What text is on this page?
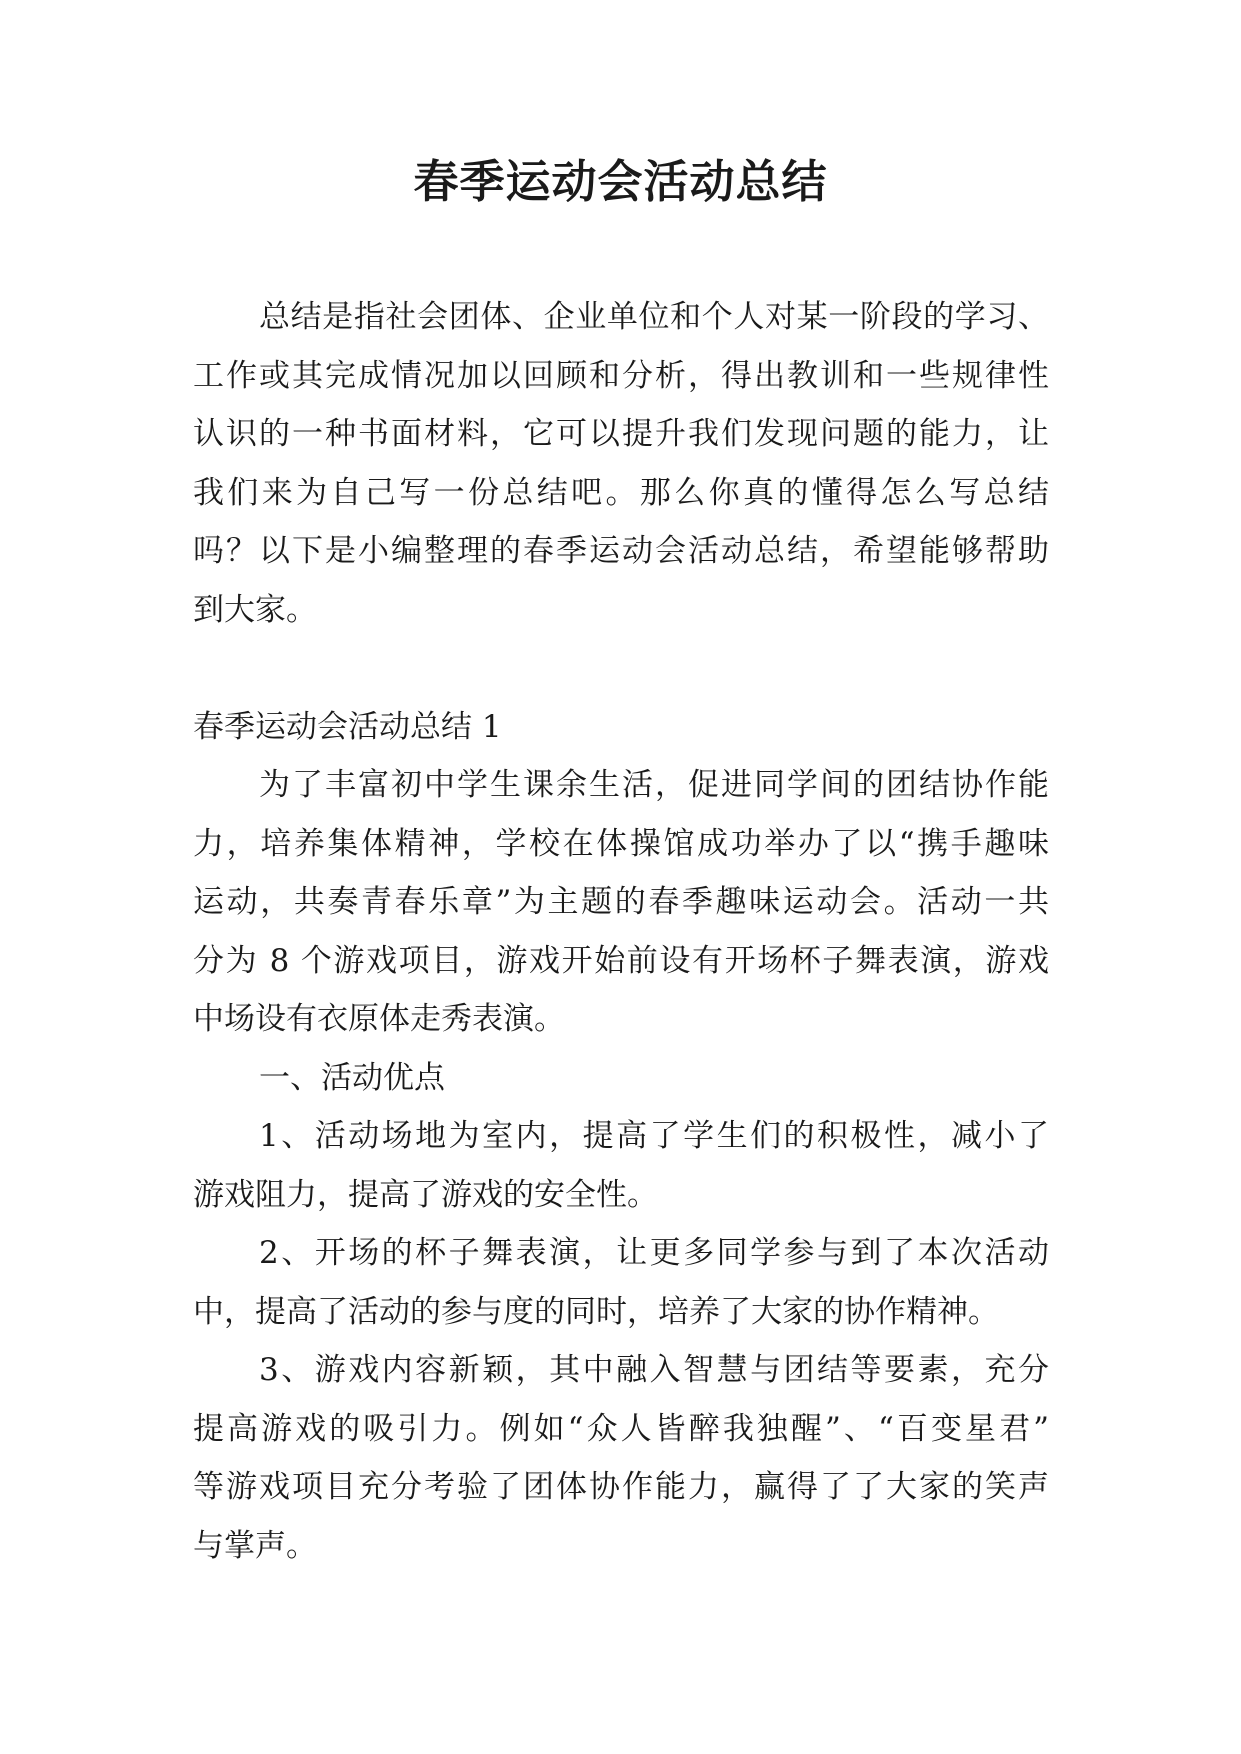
春季运动会活动总结
总结是指社会团体、企业单位和个人对某一阶段的学习、
工作或其完成情况加以回顾和分析，得出教训和一些规律性
认识的一种书面材料，它可以提升我们发现问题的能力，让
我们来为自己写一份总结吧。那么你真的懂得怎么写总结
吗？以下是小编整理的春季运动会活动总结，希望能够帮助
到大家。
春季运动会活动总结 1
为了丰富初中学生课余生活，促进同学间的团结协作能
力，培养集体精神，学校在体操馆成功举办了以“携手趣味
运动，共奏青春乐章”为主题的春季趣味运动会。活动一共
分为 8 个游戏项目，游戏开始前设有开场杯子舞表演，游戏
中场设有衣原体走秀表演。
一、活动优点
1、活动场地为室内，提高了学生们的积极性，减小了
游戏阻力，提高了游戏的安全性。
2、开场的杯子舞表演，让更多同学参与到了本次活动
中，提高了活动的参与度的同时，培养了大家的协作精神。
3、游戏内容新颖，其中融入智慧与团结等要素，充分
提高游戏的吸引力。例如“众人皆醉我独醒”、“百变星君”
等游戏项目充分考验了团体协作能力，赢得了了大家的笑声
与掌声。
